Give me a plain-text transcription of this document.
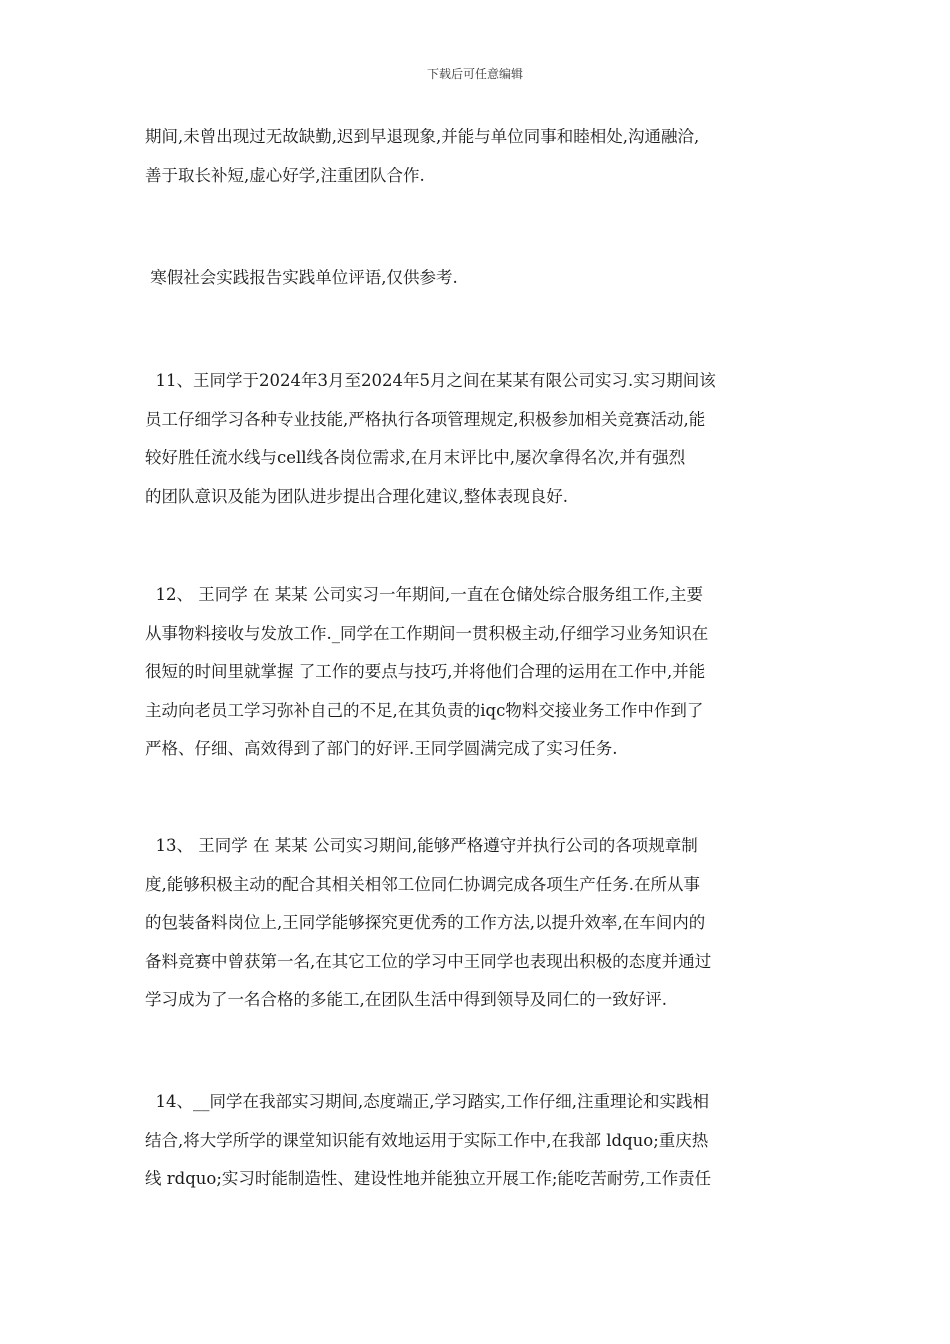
下载后可任意编辑
期间,未曾出现过无故缺勤,迟到早退现象,并能与单位同事和睦相处,沟通融洽,
善于取长补短,虚心好学,注重团队合作.
寒假社会实践报告实践单位评语,仅供参考.
11、王同学于2024年3月至2024年5月之间在某某有限公司实习.实习期间该
员工仔细学习各种专业技能,严格执行各项管理规定,积极参加相关竞赛活动,能
较好胜任流水线与cell线各岗位需求,在月末评比中,屡次拿得名次,并有强烈
的团队意识及能为团队进步提出合理化建议,整体表现良好.
12、 王同学 在 某某 公司实习一年期间,一直在仓储处综合服务组工作,主要
从事物料接收与发放工作._同学在工作期间一贯积极主动,仔细学习业务知识在
很短的时间里就掌握 了工作的要点与技巧,并将他们合理的运用在工作中,并能
主动向老员工学习弥补自己的不足,在其负责的iqc物料交接业务工作中作到了
严格、仔细、高效得到了部门的好评.王同学圆满完成了实习任务.
13、 王同学 在 某某 公司实习期间,能够严格遵守并执行公司的各项规章制
度,能够积极主动的配合其相关相邻工位同仁协调完成各项生产任务.在所从事
的包装备料岗位上,王同学能够探究更优秀的工作方法,以提升效率,在车间内的
备料竞赛中曾获第一名,在其它工位的学习中王同学也表现出积极的态度并通过
学习成为了一名合格的多能工,在团队生活中得到领导及同仁的一致好评.
14、__同学在我部实习期间,态度端正,学习踏实,工作仔细,注重理论和实践相
结合,将大学所学的课堂知识能有效地运用于实际工作中,在我部 ldquo;重庆热
线 rdquo;实习时能制造性、建设性地并能独立开展工作;能吃苦耐劳,工作责任
